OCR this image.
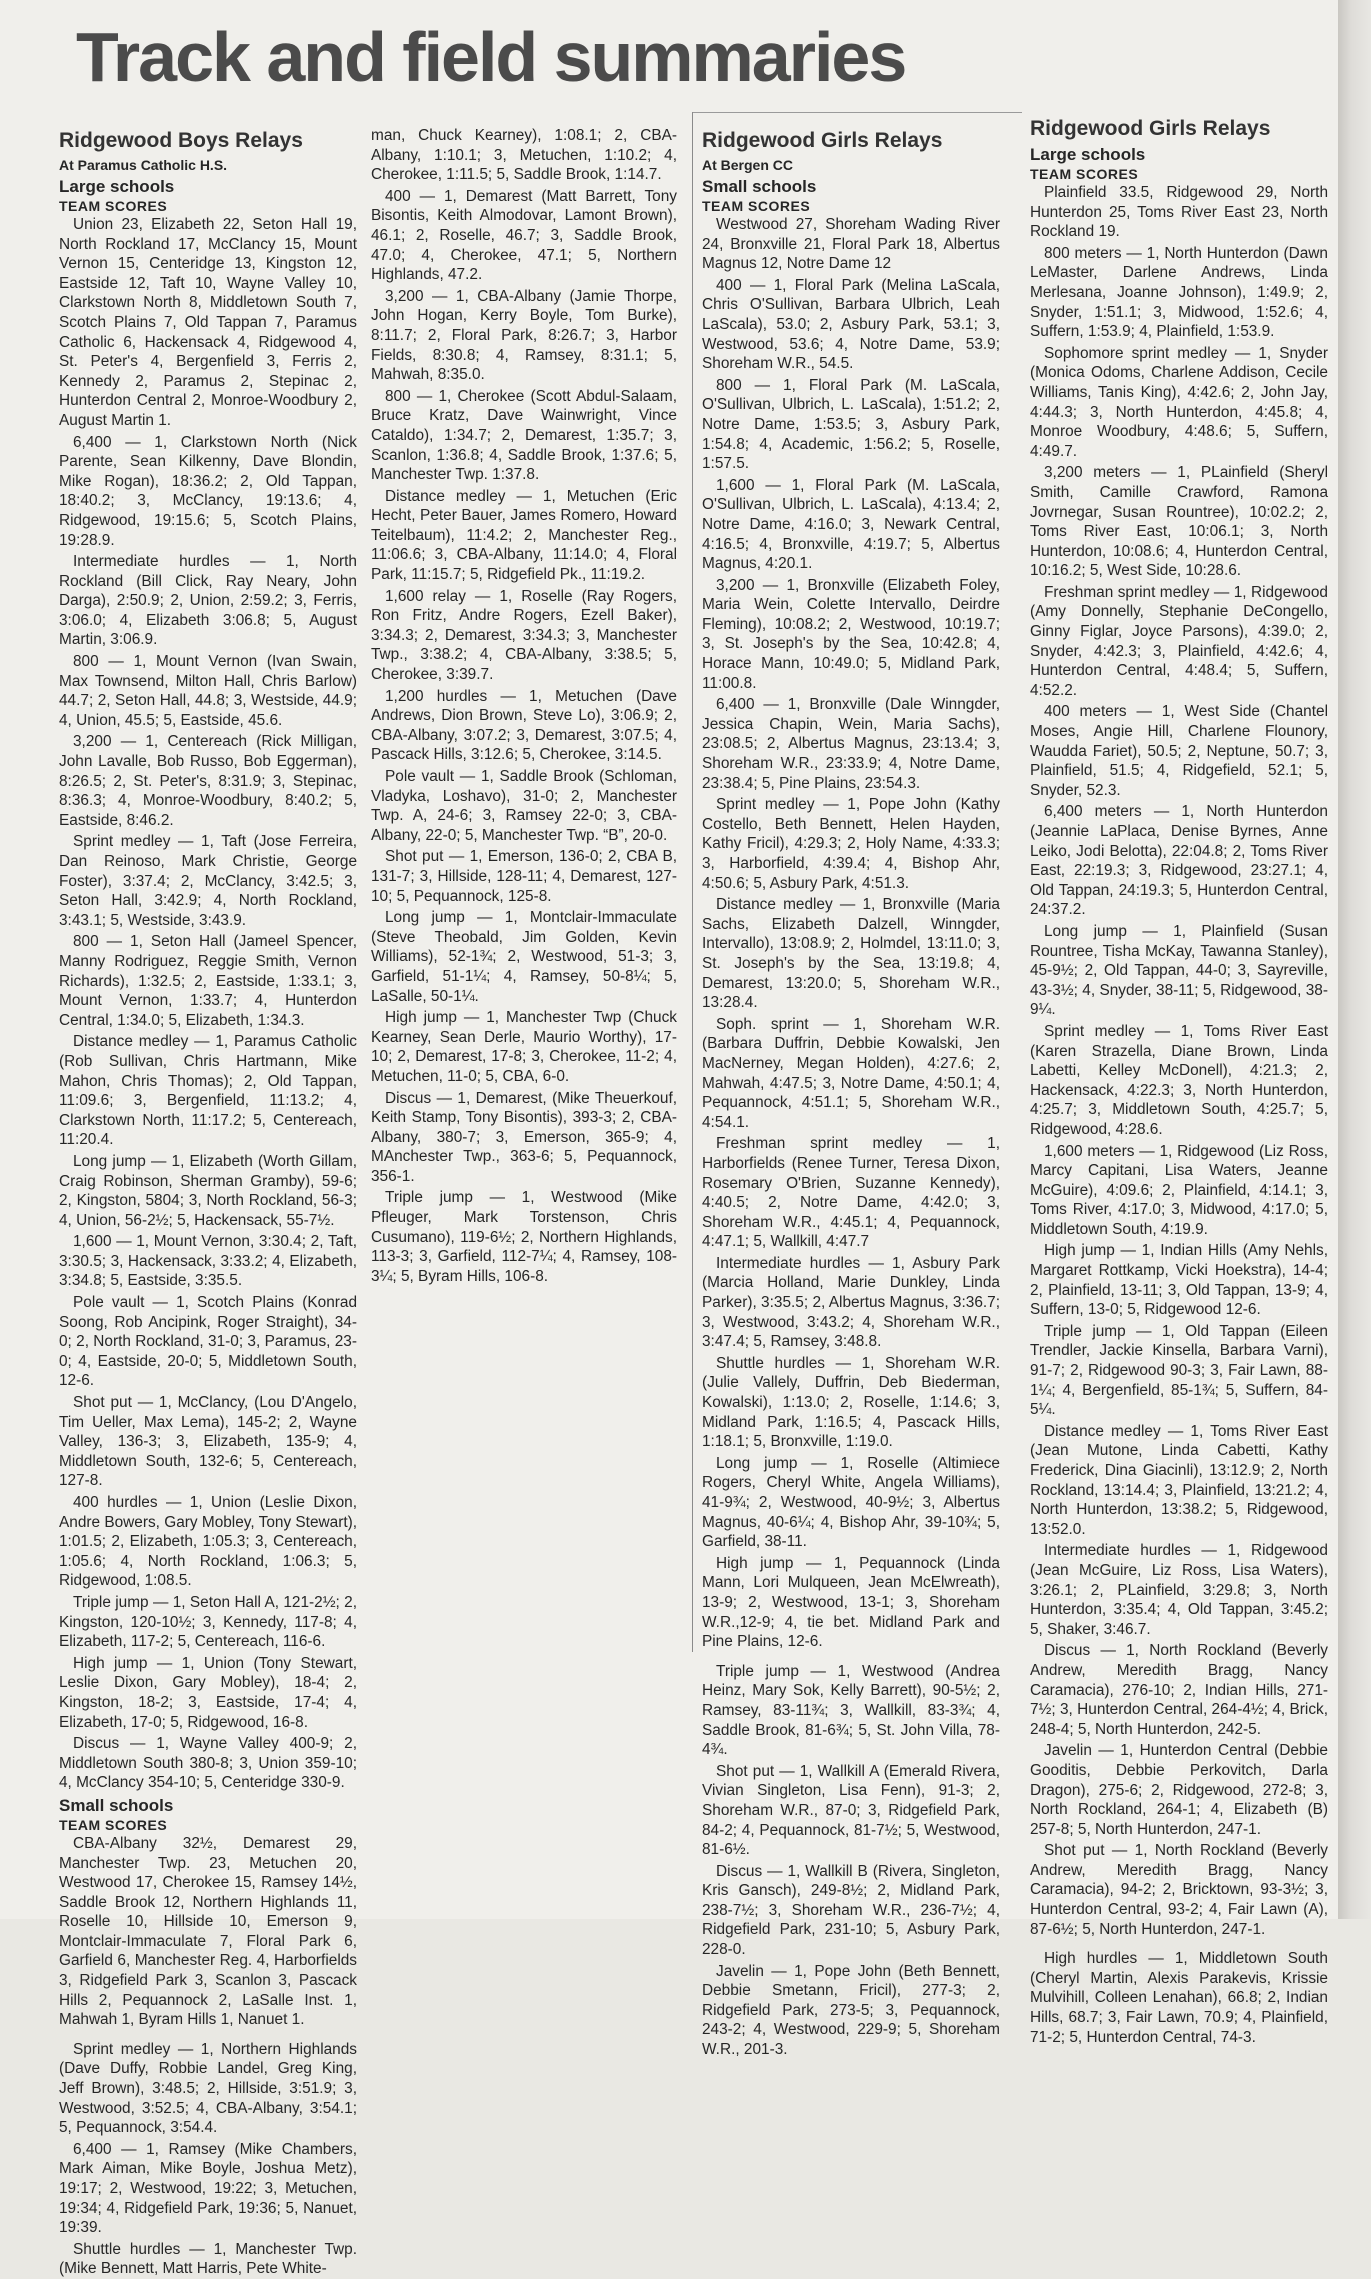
Track and field summaries
Ridgewood Boys Relays
At Paramus Catholic H.S.
Large schools
TEAM SCORES

Union 23, Elizabeth 22, Seton Hall 19, North Rockland 17, McClancy 15, Mount Vernon 15, Centeridge 13, Kingston 12, Eastside 12, Taft 10, Wayne Valley 10, Clarkstown North 8, Middletown South 7, Scotch Plains 7, Old Tappan 7, Paramus Catholic 6, Hackensack 4, Ridgewood 4, St. Peter's 4, Bergenfield 3, Ferris 2, Kennedy 2, Paramus 2, Stepinac 2, Hunterdon Central 2, Monroe-Woodbury 2, August Martin 1.

6,400 — 1, Clarkstown North (Nick Parente, Sean Kilkenny, Dave Blondin, Mike Rogan), 18:36.2; 2, Old Tappan, 18:40.2; 3, McClancy, 19:13.6; 4, Ridgewood, 19:15.6; 5, Scotch Plains, 19:28.9.

Intermediate hurdles — 1, North Rockland (Bill Click, Ray Neary, John Darga), 2:50.9; 2, Union, 2:59.2; 3, Ferris, 3:06.0; 4, Elizabeth 3:06.8; 5, August Martin, 3:06.9.

800 — 1, Mount Vernon (Ivan Swain, Max Townsend, Milton Hall, Chris Barlow) 44.7; 2, Seton Hall, 44.8; 3, Westside, 44.9; 4, Union, 45.5; 5, Eastside, 45.6.

3,200 — 1, Centereach (Rick Milligan, John Lavalle, Bob Russo, Bob Eggerman), 8:26.5; 2, St. Peter's, 8:31.9; 3, Stepinac, 8:36.3; 4, Monroe-Woodbury, 8:40.2; 5, Eastside, 8:46.2.

Sprint medley — 1, Taft (Jose Ferreira, Dan Reinoso, Mark Christie, George Foster), 3:37.4; 2, McClancy, 3:42.5; 3, Seton Hall, 3:42.9; 4, North Rockland, 3:43.1; 5, Westside, 3:43.9.

800 — 1, Seton Hall (Jameel Spencer, Manny Rodriguez, Reggie Smith, Vernon Richards), 1:32.5; 2, Eastside, 1:33.1; 3, Mount Vernon, 1:33.7; 4, Hunterdon Central, 1:34.0; 5, Elizabeth, 1:34.3.

Distance medley — 1, Paramus Catholic (Rob Sullivan, Chris Hartmann, Mike Mahon, Chris Thomas); 2, Old Tappan, 11:09.6; 3, Bergenfield, 11:13.2; 4, Clarkstown North, 11:17.2; 5, Centereach, 11:20.4.

Long jump — 1, Elizabeth (Worth Gillam, Craig Robinson, Sherman Gramby), 59-6; 2, Kingston, 5804; 3, North Rockland, 56-3; 4, Union, 56-2½; 5, Hackensack, 55-7½.

1,600 — 1, Mount Vernon, 3:30.4; 2, Taft, 3:30.5; 3, Hackensack, 3:33.2; 4, Elizabeth, 3:34.8; 5, Eastside, 3:35.5.

Pole vault — 1, Scotch Plains (Konrad Soong, Rob Ancipink, Roger Straight), 34-0; 2, North Rockland, 31-0; 3, Paramus, 23-0; 4, Eastside, 20-0; 5, Middletown South, 12-6.

Shot put — 1, McClancy, (Lou D'Angelo, Tim Ueller, Max Lema), 145-2; 2, Wayne Valley, 136-3; 3, Elizabeth, 135-9; 4, Middletown South, 132-6; 5, Centereach, 127-8.

400 hurdles — 1, Union (Leslie Dixon, Andre Bowers, Gary Mobley, Tony Stewart), 1:01.5; 2, Elizabeth, 1:05.3; 3, Centereach, 1:05.6; 4, North Rockland, 1:06.3; 5, Ridgewood, 1:08.5.

Triple jump — 1, Seton Hall A, 121-2½; 2, Kingston, 120-10½; 3, Kennedy, 117-8; 4, Elizabeth, 117-2; 5, Centereach, 116-6.

High jump — 1, Union (Tony Stewart, Leslie Dixon, Gary Mobley), 18-4; 2, Kingston, 18-2; 3, Eastside, 17-4; 4, Elizabeth, 17-0; 5, Ridgewood, 16-8.

Discus — 1, Wayne Valley 400-9; 2, Middletown South 380-8; 3, Union 359-10; 4, McClancy 354-10; 5, Centeridge 330-9.

Small schools
TEAM SCORES

CBA-Albany 32½, Demarest 29, Manchester Twp. 23, Metuchen 20, Westwood 17, Cherokee 15, Ramsey 14½, Saddle Brook 12, Northern Highlands 11, Roselle 10, Hillside 10, Emerson 9, Montclair-Immaculate 7, Floral Park 6, Garfield 6, Manchester Reg. 4, Harborfields 3, Ridgefield Park 3, Scanlon 3, Pascack Hills 2, Pequannock 2, LaSalle Inst. 1, Mahwah 1, Byram Hills 1, Nanuet 1.

Sprint medley — 1, Northern Highlands (Dave Duffy, Robbie Landel, Greg King, Jeff Brown), 3:48.5; 2, Hillside, 3:51.9; 3, Westwood, 3:52.5; 4, CBA-Albany, 3:54.1; 5, Pequannock, 3:54.4.

6,400 — 1, Ramsey (Mike Chambers, Mark Aiman, Mike Boyle, Joshua Metz), 19:17; 2, Westwood, 19:22; 3, Metuchen, 19:34; 4, Ridgefield Park, 19:36; 5, Nanuet, 19:39.

Shuttle hurdles — 1, Manchester Twp. (Mike Bennett, Matt Harris, Pete White-

man, Chuck Kearney), 1:08.1; 2, CBA-Albany, 1:10.1; 3, Metuchen, 1:10.2; 4, Cherokee, 1:11.5; 5, Saddle Brook, 1:14.7.

400 — 1, Demarest (Matt Barrett, Tony Bisontis, Keith Almodovar, Lamont Brown), 46.1; 2, Roselle, 46.7; 3, Saddle Brook, 47.0; 4, Cherokee, 47.1; 5, Northern Highlands, 47.2.

3,200 — 1, CBA-Albany (Jamie Thorpe, John Hogan, Kerry Boyle, Tom Burke), 8:11.7; 2, Floral Park, 8:26.7; 3, Harbor Fields, 8:30.8; 4, Ramsey, 8:31.1; 5, Mahwah, 8:35.0.

800 — 1, Cherokee (Scott Abdul-Salaam, Bruce Kratz, Dave Wainwright, Vince Cataldo), 1:34.7; 2, Demarest, 1:35.7; 3, Scanlon, 1:36.8; 4, Saddle Brook, 1:37.6; 5, Manchester Twp. 1:37.8.

Distance medley — 1, Metuchen (Eric Hecht, Peter Bauer, James Romero, Howard Teitelbaum), 11:4.2; 2, Manchester Reg., 11:06.6; 3, CBA-Albany, 11:14.0; 4, Floral Park, 11:15.7; 5, Ridgefield Pk., 11:19.2.

1,600 relay — 1, Roselle (Ray Rogers, Ron Fritz, Andre Rogers, Ezell Baker), 3:34.3; 2, Demarest, 3:34.3; 3, Manchester Twp., 3:38.2; 4, CBA-Albany, 3:38.5; 5, Cherokee, 3:39.7.

1,200 hurdles — 1, Metuchen (Dave Andrews, Dion Brown, Steve Lo), 3:06.9; 2, CBA-Albany, 3:07.2; 3, Demarest, 3:07.5; 4, Pascack Hills, 3:12.6; 5, Cherokee, 3:14.5.

Pole vault — 1, Saddle Brook (Schloman, Vladyka, Loshavo), 31-0; 2, Manchester Twp. A, 24-6; 3, Ramsey 22-0; 3, CBA-Albany, 22-0; 5, Manchester Twp. “B”, 20-0.

Shot put — 1, Emerson, 136-0; 2, CBA B, 131-7; 3, Hillside, 128-11; 4, Demarest, 127-10; 5, Pequannock, 125-8.

Long jump — 1, Montclair-Immaculate (Steve Theobald, Jim Golden, Kevin Williams), 52-1¾; 2, Westwood, 51-3; 3, Garfield, 51-1¼; 4, Ramsey, 50-8¼; 5, LaSalle, 50-1¼.

High jump — 1, Manchester Twp (Chuck Kearney, Sean Derle, Maurio Worthy), 17-10; 2, Demarest, 17-8; 3, Cherokee, 11-2; 4, Metuchen, 11-0; 5, CBA, 6-0.

Discus — 1, Demarest, (Mike Theuerkouf, Keith Stamp, Tony Bisontis), 393-3; 2, CBA-Albany, 380-7; 3, Emerson, 365-9; 4, MAnchester Twp., 363-6; 5, Pequannock, 356-1.

Triple jump — 1, Westwood (Mike Pfleuger, Mark Torstenson, Chris Cusumano), 119-6½; 2, Northern Highlands, 113-3; 3, Garfield, 112-7¼; 4, Ramsey, 108-3¼; 5, Byram Hills, 106-8.

Ridgewood Girls Relays
At Bergen CC
Small schools
TEAM SCORES

Westwood 27, Shoreham Wading River 24, Bronxville 21, Floral Park 18, Albertus Magnus 12, Notre Dame 12

400 — 1, Floral Park (Melina LaScala, Chris O'Sullivan, Barbara Ulbrich, Leah LaScala), 53.0; 2, Asbury Park, 53.1; 3, Westwood, 53.6; 4, Notre Dame, 53.9; Shoreham W.R., 54.5.

800 — 1, Floral Park (M. LaScala, O'Sullivan, Ulbrich, L. LaScala), 1:51.2; 2, Notre Dame, 1:53.5; 3, Asbury Park, 1:54.8; 4, Academic, 1:56.2; 5, Roselle, 1:57.5.

1,600 — 1, Floral Park (M. LaScala, O'Sullivan, Ulbrich, L. LaScala), 4:13.4; 2, Notre Dame, 4:16.0; 3, Newark Central, 4:16.5; 4, Bronxville, 4:19.7; 5, Albertus Magnus, 4:20.1.

3,200 — 1, Bronxville (Elizabeth Foley, Maria Wein, Colette Intervallo, Deirdre Fleming), 10:08.2; 2, Westwood, 10:19.7; 3, St. Joseph's by the Sea, 10:42.8; 4, Horace Mann, 10:49.0; 5, Midland Park, 11:00.8.

6,400 — 1, Bronxville (Dale Winngder, Jessica Chapin, Wein, Maria Sachs), 23:08.5; 2, Albertus Magnus, 23:13.4; 3, Shoreham W.R., 23:33.9; 4, Notre Dame, 23:38.4; 5, Pine Plains, 23:54.3.

Sprint medley — 1, Pope John (Kathy Costello, Beth Bennett, Helen Hayden, Kathy Fricil), 4:29.3; 2, Holy Name, 4:33.3; 3, Harborfield, 4:39.4; 4, Bishop Ahr, 4:50.6; 5, Asbury Park, 4:51.3.

Distance medley — 1, Bronxville (Maria Sachs, Elizabeth Dalzell, Winngder, Intervallo), 13:08.9; 2, Holmdel, 13:11.0; 3, St. Joseph's by the Sea, 13:19.8; 4, Demarest, 13:20.0; 5, Shoreham W.R., 13:28.4.

Soph. sprint — 1, Shoreham W.R. (Barbara Duffrin, Debbie Kowalski, Jen MacNerney, Megan Holden), 4:27.6; 2, Mahwah, 4:47.5; 3, Notre Dame, 4:50.1; 4, Pequannock, 4:51.1; 5, Shoreham W.R., 4:54.1.

Freshman sprint medley — 1, Harborfields (Renee Turner, Teresa Dixon, Rosemary O'Brien, Suzanne Kennedy), 4:40.5; 2, Notre Dame, 4:42.0; 3, Shoreham W.R., 4:45.1; 4, Pequannock, 4:47.1; 5, Wallkill, 4:47.7

Intermediate hurdles — 1, Asbury Park (Marcia Holland, Marie Dunkley, Linda Parker), 3:35.5; 2, Albertus Magnus, 3:36.7; 3, Westwood, 3:43.2; 4, Shoreham W.R., 3:47.4; 5, Ramsey, 3:48.8.

Shuttle hurdles — 1, Shoreham W.R. (Julie Vallely, Duffrin, Deb Biederman, Kowalski), 1:13.0; 2, Roselle, 1:14.6; 3, Midland Park, 1:16.5; 4, Pascack Hills, 1:18.1; 5, Bronxville, 1:19.0.

Long jump — 1, Roselle (Altimiece Rogers, Cheryl White, Angela Williams), 41-9¾; 2, Westwood, 40-9½; 3, Albertus Magnus, 40-6¼; 4, Bishop Ahr, 39-10¾; 5, Garfield, 38-11.

High jump — 1, Pequannock (Linda Mann, Lori Mulqueen, Jean McElwreath), 13-9; 2, Westwood, 13-1; 3, Shoreham W.R.,12-9; 4, tie bet. Midland Park and Pine Plains, 12-6.

Triple jump — 1, Westwood (Andrea Heinz, Mary Sok, Kelly Barrett), 90-5½; 2, Ramsey, 83-11¾; 3, Wallkill, 83-3¾; 4, Saddle Brook, 81-6¾; 5, St. John Villa, 78-4¾.

Shot put — 1, Wallkill A (Emerald Rivera, Vivian Singleton, Lisa Fenn), 91-3; 2, Shoreham W.R., 87-0; 3, Ridgefield Park, 84-2; 4, Pequannock, 81-7½; 5, Westwood, 81-6½.

Discus — 1, Wallkill B (Rivera, Singleton, Kris Gansch), 249-8½; 2, Midland Park, 238-7½; 3, Shoreham W.R., 236-7½; 4, Ridgefield Park, 231-10; 5, Asbury Park, 228-0.

Javelin — 1, Pope John (Beth Bennett, Debbie Smetann, Fricil), 277-3; 2, Ridgefield Park, 273-5; 3, Pequannock, 243-2; 4, Westwood, 229-9; 5, Shoreham W.R., 201-3.

Ridgewood Girls Relays
Large schools
TEAM SCORES

Plainfield 33.5, Ridgewood 29, North Hunterdon 25, Toms River East 23, North Rockland 19.

800 meters — 1, North Hunterdon (Dawn LeMaster, Darlene Andrews, Linda Merlesana, Joanne Johnson), 1:49.9; 2, Snyder, 1:51.1; 3, Midwood, 1:52.6; 4, Suffern, 1:53.9; 4, Plainfield, 1:53.9.

Sophomore sprint medley — 1, Snyder (Monica Odoms, Charlene Addison, Cecile Williams, Tanis King), 4:42.6; 2, John Jay, 4:44.3; 3, North Hunterdon, 4:45.8; 4, Monroe Woodbury, 4:48.6; 5, Suffern, 4:49.7.

3,200 meters — 1, PLainfield (Sheryl Smith, Camille Crawford, Ramona Jovrnegar, Susan Rountree), 10:02.2; 2, Toms River East, 10:06.1; 3, North Hunterdon, 10:08.6; 4, Hunterdon Central, 10:16.2; 5, West Side, 10:28.6.

Freshman sprint medley — 1, Ridgewood (Amy Donnelly, Stephanie DeCongello, Ginny Figlar, Joyce Parsons), 4:39.0; 2, Snyder, 4:42.3; 3, Plainfield, 4:42.6; 4, Hunterdon Central, 4:48.4; 5, Suffern, 4:52.2.

400 meters — 1, West Side (Chantel Moses, Angie Hill, Charlene Flounory, Waudda Fariet), 50.5; 2, Neptune, 50.7; 3, Plainfield, 51.5; 4, Ridgefield, 52.1; 5, Snyder, 52.3.

6,400 meters — 1, North Hunterdon (Jeannie LaPlaca, Denise Byrnes, Anne Leiko, Jodi Belotta), 22:04.8; 2, Toms River East, 22:19.3; 3, Ridgewood, 23:27.1; 4, Old Tappan, 24:19.3; 5, Hunterdon Central, 24:37.2.

Long jump — 1, Plainfield (Susan Rountree, Tisha McKay, Tawanna Stanley), 45-9½; 2, Old Tappan, 44-0; 3, Sayreville, 43-3½; 4, Snyder, 38-11; 5, Ridgewood, 38-9¼.

Sprint medley — 1, Toms River East (Karen Strazella, Diane Brown, Linda Labetti, Kelley McDonell), 4:21.3; 2, Hackensack, 4:22.3; 3, North Hunterdon, 4:25.7; 3, Middletown South, 4:25.7; 5, Ridgewood, 4:28.6.

1,600 meters — 1, Ridgewood (Liz Ross, Marcy Capitani, Lisa Waters, Jeanne McGuire), 4:09.6; 2, Plainfield, 4:14.1; 3, Toms River, 4:17.0; 3, Midwood, 4:17.0; 5, Middletown South, 4:19.9.

High jump — 1, Indian Hills (Amy Nehls, Margaret Rottkamp, Vicki Hoekstra), 14-4; 2, Plainfield, 13-11; 3, Old Tappan, 13-9; 4, Suffern, 13-0; 5, Ridgewood 12-6.

Triple jump — 1, Old Tappan (Eileen Trendler, Jackie Kinsella, Barbara Varni), 91-7; 2, Ridgewood 90-3; 3, Fair Lawn, 88-1¼; 4, Bergenfield, 85-1¾; 5, Suffern, 84-5¼.

Distance medley — 1, Toms River East (Jean Mutone, Linda Cabetti, Kathy Frederick, Dina Giacinli), 13:12.9; 2, North Rockland, 13:14.4; 3, Plainfield, 13:21.2; 4, North Hunterdon, 13:38.2; 5, Ridgewood, 13:52.0.

Intermediate hurdles — 1, Ridgewood (Jean McGuire, Liz Ross, Lisa Waters), 3:26.1; 2, PLainfield, 3:29.8; 3, North Hunterdon, 3:35.4; 4, Old Tappan, 3:45.2; 5, Shaker, 3:46.7.

Discus — 1, North Rockland (Beverly Andrew, Meredith Bragg, Nancy Caramacia), 276-10; 2, Indian Hills, 271-7½; 3, Hunterdon Central, 264-4½; 4, Brick, 248-4; 5, North Hunterdon, 242-5.

Javelin — 1, Hunterdon Central (Debbie Gooditis, Debbie Perkovitch, Darla Dragon), 275-6; 2, Ridgewood, 272-8; 3, North Rockland, 264-1; 4, Elizabeth (B) 257-8; 5, North Hunterdon, 247-1.

Shot put — 1, North Rockland (Beverly Andrew, Meredith Bragg, Nancy Caramacia), 94-2; 2, Bricktown, 93-3½; 3, Hunterdon Central, 93-2; 4, Fair Lawn (A), 87-6½; 5, North Hunterdon, 247-1.

High hurdles — 1, Middletown South (Cheryl Martin, Alexis Parakevis, Krissie Mulvihill, Colleen Lenahan), 66.8; 2, Indian Hills, 68.7; 3, Fair Lawn, 70.9; 4, Plainfield, 71-2; 5, Hunterdon Central, 74-3.
